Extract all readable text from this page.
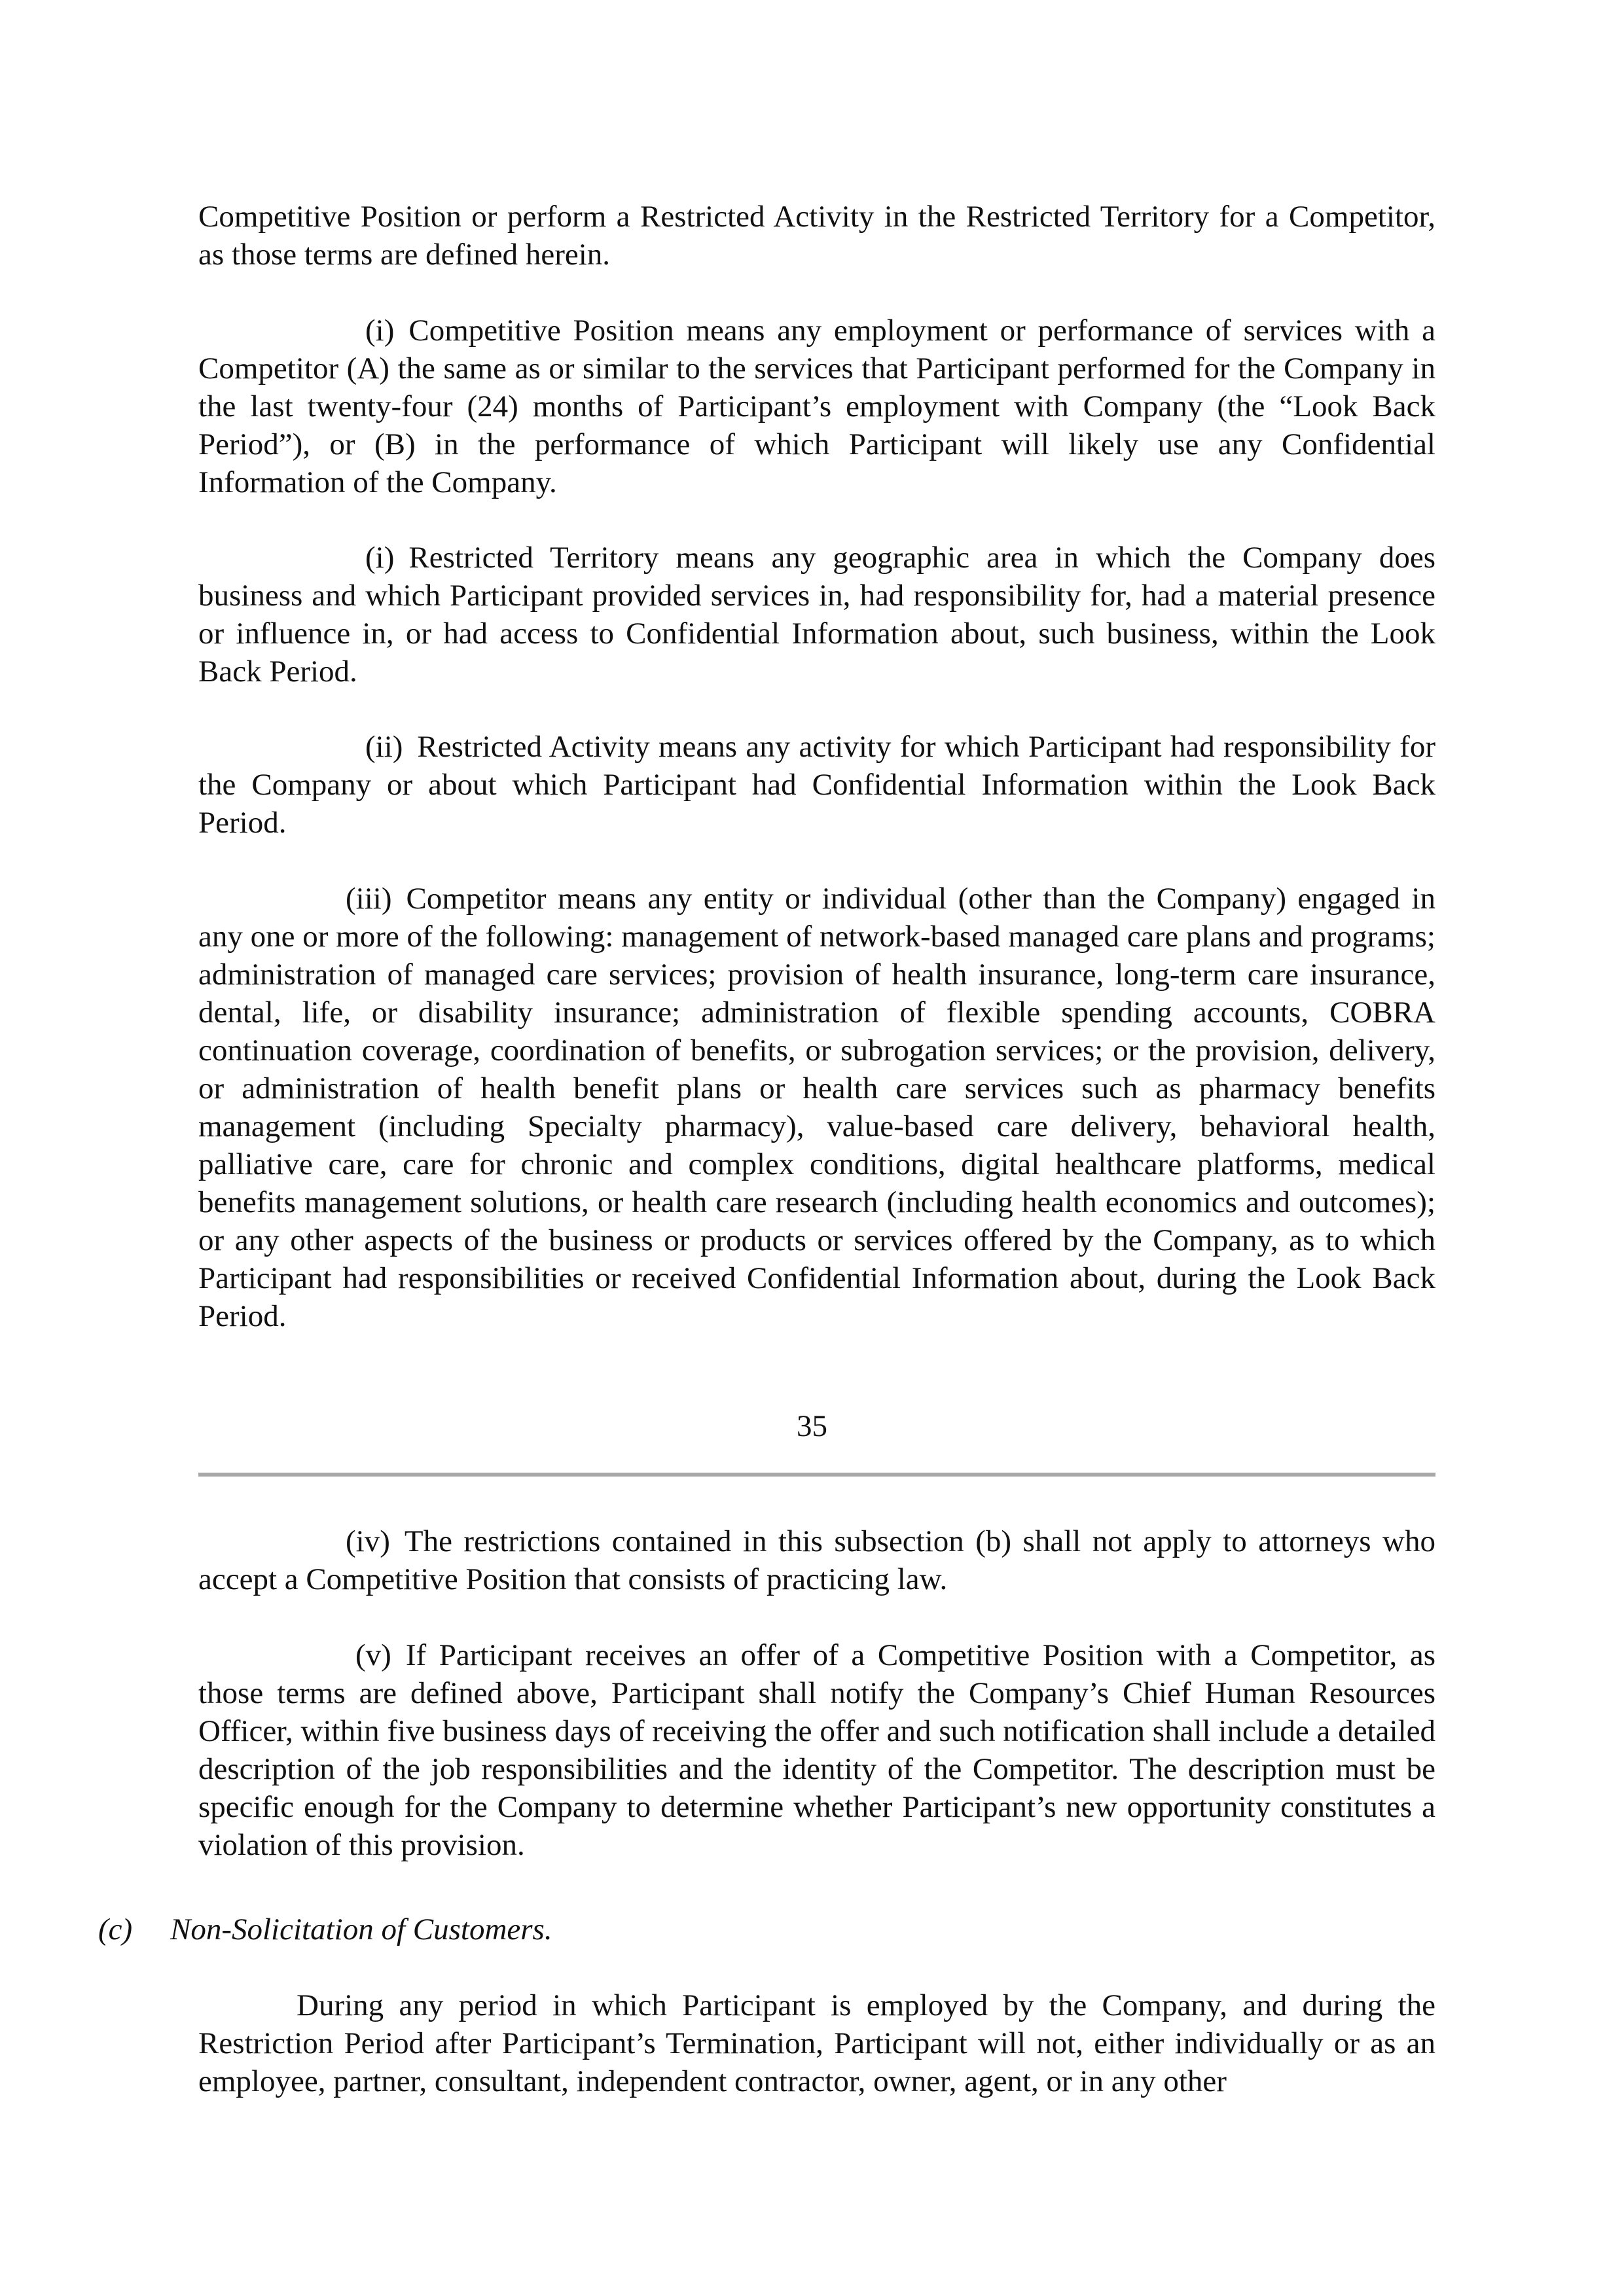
Competitive Position or perform a Restricted Activity in the Restricted Territory for a Competitor, as those terms are defined herein.

(i) Competitive Position means any employment or performance of services with a Competitor (A) the same as or similar to the services that Participant performed for the Company in the last twenty-four (24) months of Participant’s employment with Company (the “Look Back Period”), or (B) in the performance of which Participant will likely use any Confidential Information of the Company.

(i) Restricted Territory means any geographic area in which the Company does business and which Participant provided services in, had responsibility for, had a material presence or influence in, or had access to Confidential Information about, such business, within the Look Back Period.

(ii) Restricted Activity means any activity for which Participant had responsibility for the Company or about which Participant had Confidential Information within the Look Back Period.

(iii) Competitor means any entity or individual (other than the Company) engaged in any one or more of the following: management of network-based managed care plans and programs; administration of managed care services; provision of health insurance, long-term care insurance, dental, life, or disability insurance; administration of flexible spending accounts, COBRA continuation coverage, coordination of benefits, or subrogation services; or the provision, delivery, or administration of health benefit plans or health care services such as pharmacy benefits management (including Specialty pharmacy), value-based care delivery, behavioral health, palliative care, care for chronic and complex conditions, digital healthcare platforms, medical benefits management solutions, or health care research (including health economics and outcomes); or any other aspects of the business or products or services offered by the Company, as to which Participant had responsibilities or received Confidential Information about, during the Look Back Period.

35

(iv) The restrictions contained in this subsection (b) shall not apply to attorneys who accept a Competitive Position that consists of practicing law.

(v) If Participant receives an offer of a Competitive Position with a Competitor, as those terms are defined above, Participant shall notify the Company’s Chief Human Resources Officer, within five business days of receiving the offer and such notification shall include a detailed description of the job responsibilities and the identity of the Competitor. The description must be specific enough for the Company to determine whether Participant’s new opportunity constitutes a violation of this provision.

(c) Non-Solicitation of Customers.

During any period in which Participant is employed by the Company, and during the Restriction Period after Participant’s Termination, Participant will not, either individually or as an employee, partner, consultant, independent contractor, owner, agent, or in any other
